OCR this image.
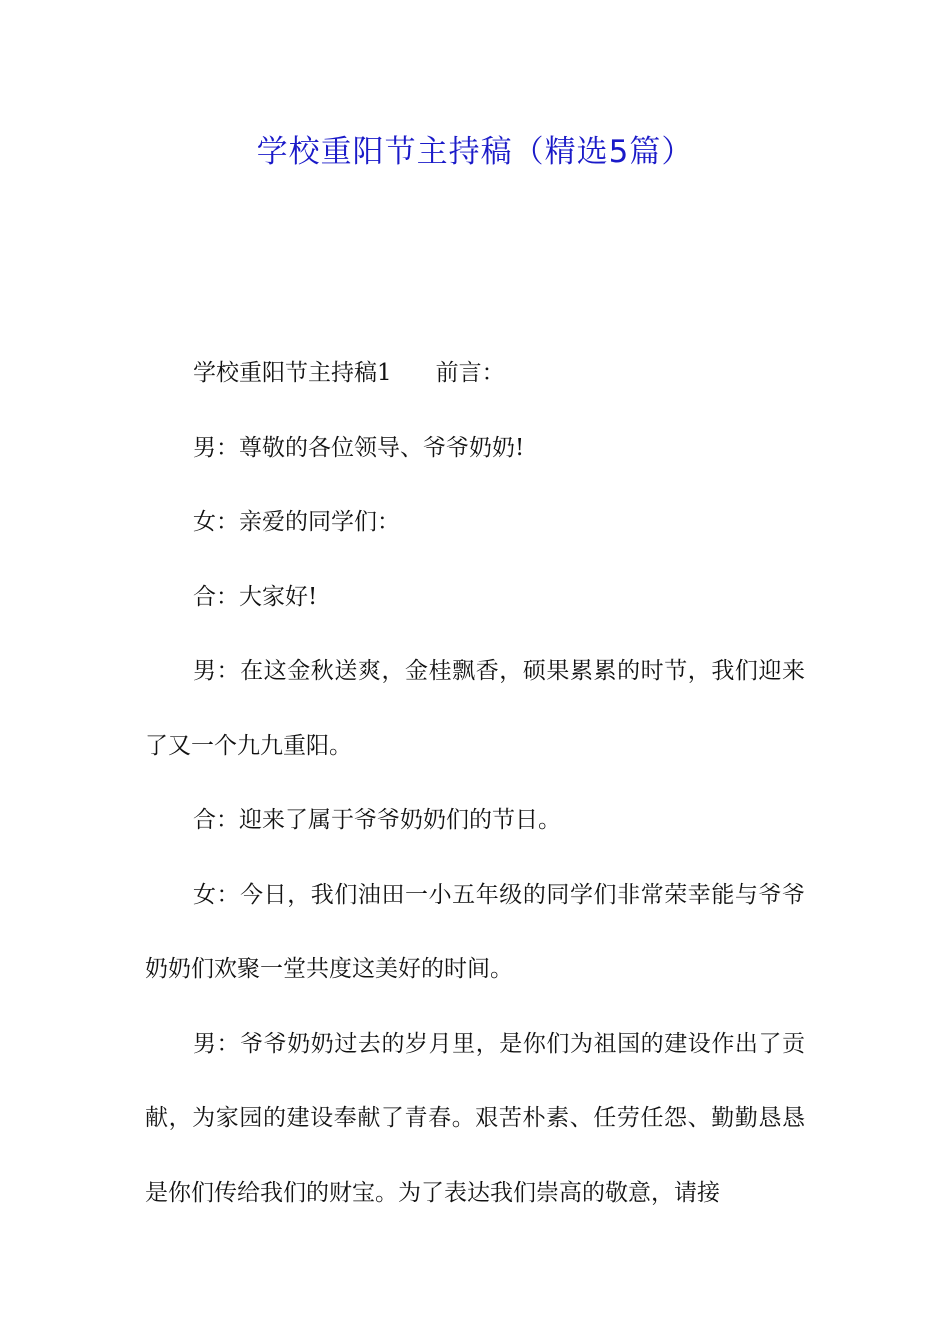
学校重阳节主持稿（精选5篇）

学校重阳节主持稿1 前言：

男：尊敬的各位领导、爷爷奶奶!

女：亲爱的同学们：

合：大家好!

男：在这金秋送爽，金桂飘香，硕果累累的时节，我们迎来了又一个九九重阳。

合：迎来了属于爷爷奶奶们的节日。

女：今日，我们油田一小五年级的同学们非常荣幸能与爷爷奶奶们欢聚一堂共度这美好的时间。

男：爷爷奶奶过去的岁月里，是你们为祖国的建设作出了贡献，为家园的建设奉献了青春。艰苦朴素、任劳任怨、勤勤恳恳是你们传给我们的财宝。为了表达我们崇高的敬意，请接
